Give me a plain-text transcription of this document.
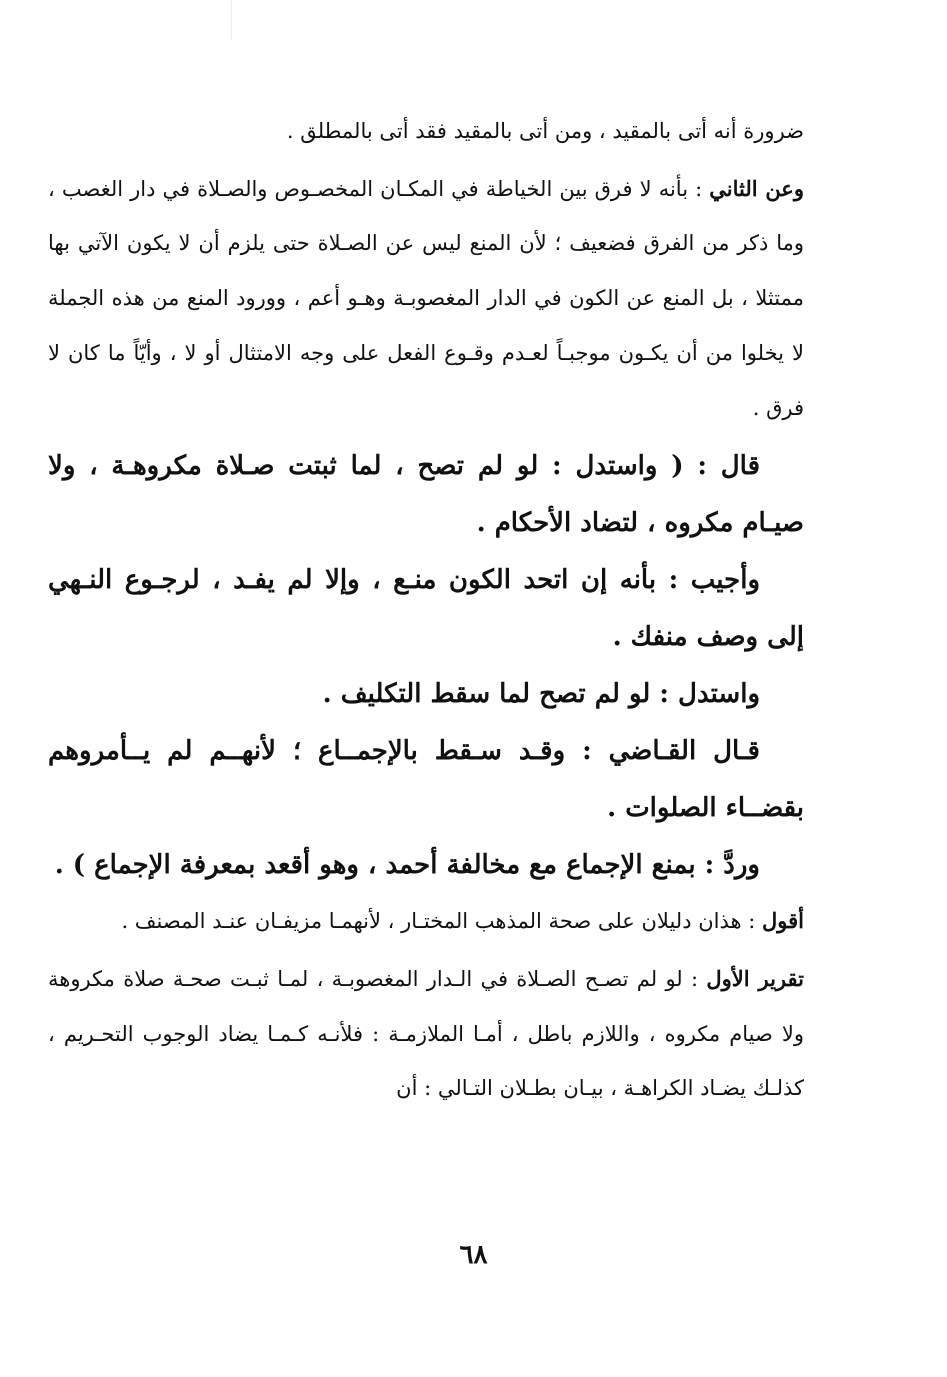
ضرورة أنه أتى بالمقيد ، ومن أتى بالمقيد فقد أتى بالمطلق .

وعن الثاني : بأنه لا فرق بين الخياطة في المكـان المخصـوص والصـلاة في دار الغصب ، وما ذكر من الفرق فضعيف ؛ لأن المنع ليس عن الصـلاة حتى يلزم أن لا يكون الآتي بها ممتثلا ، بل المنع عن الكون في الدار المغصوبـة وهـو أعم ، وورود المنع من هذه الجملة لا يخلوا من أن يكـون موجبـاً لعـدم وقـوع الفعل على وجه الامتثال أو لا ، وأيّاً ما كان لا فرق .

قال : ( واستدل : لو لم تصح ، لما ثبتت صـلاة مكروهـة ، ولا صيـام مكروه ، لتضاد الأحكام .

وأجيب : بأنه إن اتحد الكون منـع ، وإلا لم يفـد ، لرجـوع النـهي إلى وصف منفك .

واستدل : لو لم تصح لما سقط التكليف .

قـال القـاضي : وقـد سـقط بالإجمــاع ؛ لأنهــم لم يــأمروهم بقضــاء الصلوات .

وردَّ : بمنع الإجماع مع مخالفة أحمد ، وهو أقعد بمعرفة الإجماع ) .

أقول : هذان دليلان على صحة المذهب المختـار ، لأنهمـا مزيفـان عنـد المصنف .

تقرير الأول : لو لم تصـح الصـلاة في الـدار المغصوبـة ، لمـا ثبـت صحـة صلاة مكروهة ولا صيام مكروه ، واللازم باطل ، أمـا الملازمـة : فلأنـه كـمـا يضاد الوجوب التحـريم ، كذلـك يضـاد الكراهـة ، بيـان بطـلان التـالي : أن

٦٨
